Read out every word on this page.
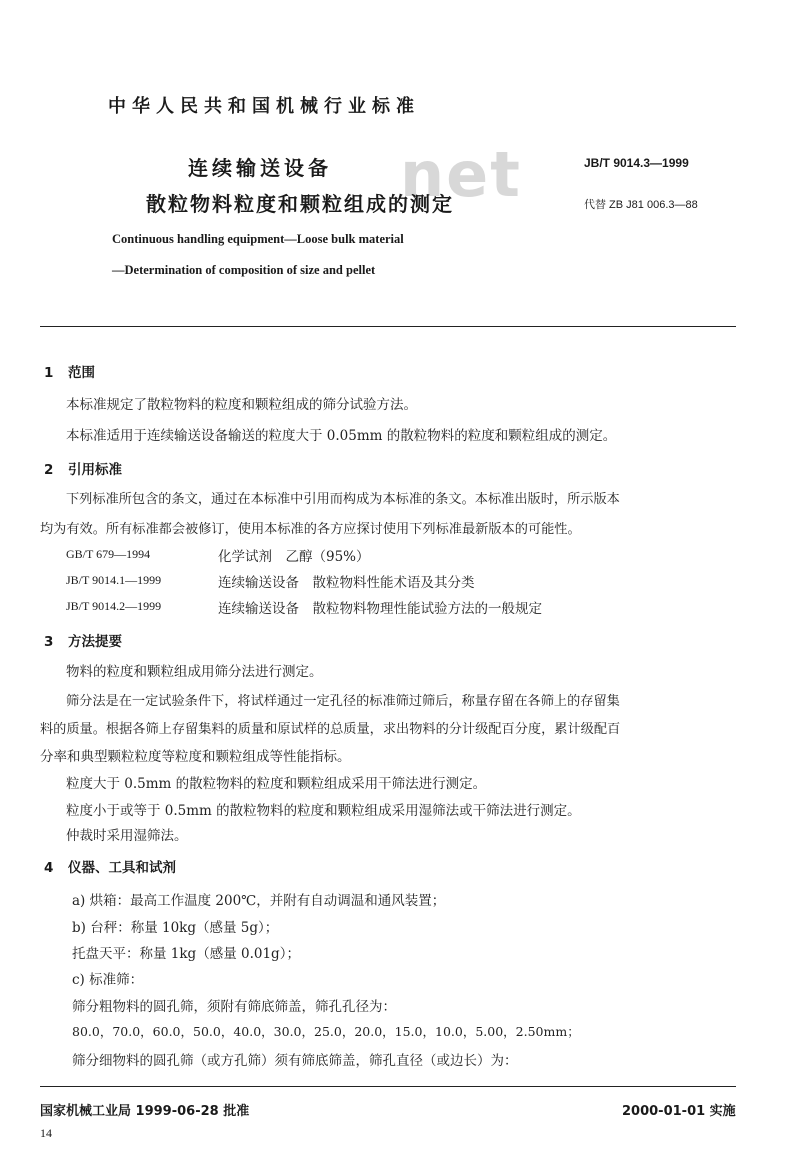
中华人民共和国机械行业标准
net
连续输送设备
散粒物料粒度和颗粒组成的测定
JB/T 9014.3—1999
代替 ZB J81 006.3—88
Continuous handling equipment—Loose bulk material
—Determination of composition of size and pellet
1 范围
本标准规定了散粒物料的粒度和颗粒组成的筛分试验方法。
本标准适用于连续输送设备输送的粒度大于 0.05mm 的散粒物料的粒度和颗粒组成的测定。
2 引用标准
下列标准所包含的条文，通过在本标准中引用而构成为本标准的条文。本标准出版时，所示版本
均为有效。所有标准都会被修订，使用本标准的各方应探讨使用下列标准最新版本的可能性。
GB/T 679—1994	化学试剂　乙醇（95%）
JB/T 9014.1—1999	连续输送设备　散粒物料性能术语及其分类
JB/T 9014.2—1999	连续输送设备　散粒物料物理性能试验方法的一般规定
3 方法提要
物料的粒度和颗粒组成用筛分法进行测定。
筛分法是在一定试验条件下，将试样通过一定孔径的标准筛过筛后，称量存留在各筛上的存留集
料的质量。根据各筛上存留集料的质量和原试样的总质量，求出物料的分计级配百分度，累计级配百
分率和典型颗粒粒度等粒度和颗粒组成等性能指标。
粒度大于 0.5mm 的散粒物料的粒度和颗粒组成采用干筛法进行测定。
粒度小于或等于 0.5mm 的散粒物料的粒度和颗粒组成采用湿筛法或干筛法进行测定。
仲裁时采用湿筛法。
4 仪器、工具和试剂
a) 烘箱：最高工作温度 200℃，并附有自动调温和通风装置；
b) 台秤：称量 10kg（感量 5g）；
托盘天平：称量 1kg（感量 0.01g）；
c) 标准筛：
筛分粗物料的圆孔筛，须附有筛底筛盖，筛孔孔径为：
80.0，70.0，60.0，50.0，40.0，30.0，25.0，20.0，15.0，10.0，5.00，2.50mm；
筛分细物料的圆孔筛（或方孔筛）须有筛底筛盖，筛孔直径（或边长）为：
国家机械工业局 1999-06-28 批准	2000-01-01 实施
14
